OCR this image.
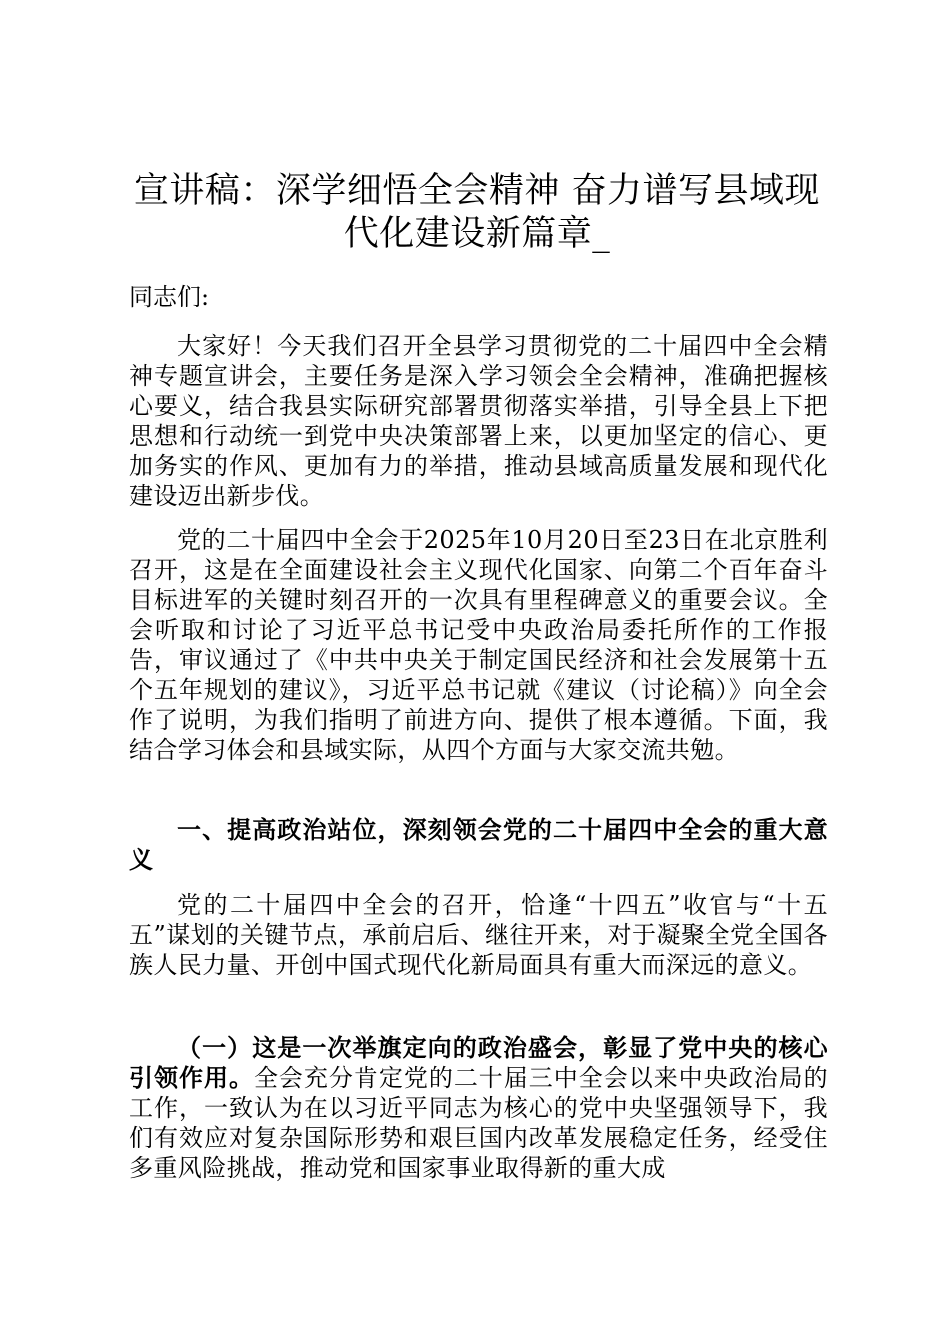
宣讲稿：深学细悟全会精神 奋力谱写县域现代化建设新篇章_
同志们:
大家好！今天我们召开全县学习贯彻党的二十届四中全会精神专题宣讲会，主要任务是深入学习领会全会精神，准确把握核心要义，结合我县实际研究部署贯彻落实举措，引导全县上下把思想和行动统一到党中央决策部署上来，以更加坚定的信心、更加务实的作风、更加有力的举措，推动县域高质量发展和现代化建设迈出新步伐。
党的二十届四中全会于2025年10月20日至23日在北京胜利召开，这是在全面建设社会主义现代化国家、向第二个百年奋斗目标进军的关键时刻召开的一次具有里程碑意义的重要会议。全会听取和讨论了习近平总书记受中央政治局委托所作的工作报告，审议通过了《中共中央关于制定国民经济和社会发展第十五个五年规划的建议》，习近平总书记就《建议（讨论稿）》向全会作了说明，为我们指明了前进方向、提供了根本遵循。下面，我结合学习体会和县域实际，从四个方面与大家交流共勉。
一、提高政治站位，深刻领会党的二十届四中全会的重大意义
党的二十届四中全会的召开，恰逢“十四五”收官与“十五五”谋划的关键节点，承前启后、继往开来，对于凝聚全党全国各族人民力量、开创中国式现代化新局面具有重大而深远的意义。
（一）这是一次举旗定向的政治盛会，彰显了党中央的核心引领作用。全会充分肯定党的二十届三中全会以来中央政治局的工作，一致认为在以习近平同志为核心的党中央坚强领导下，我们有效应对复杂国际形势和艰巨国内改革发展稳定任务，经受住多重风险挑战，推动党和国家事业取得新的重大成
